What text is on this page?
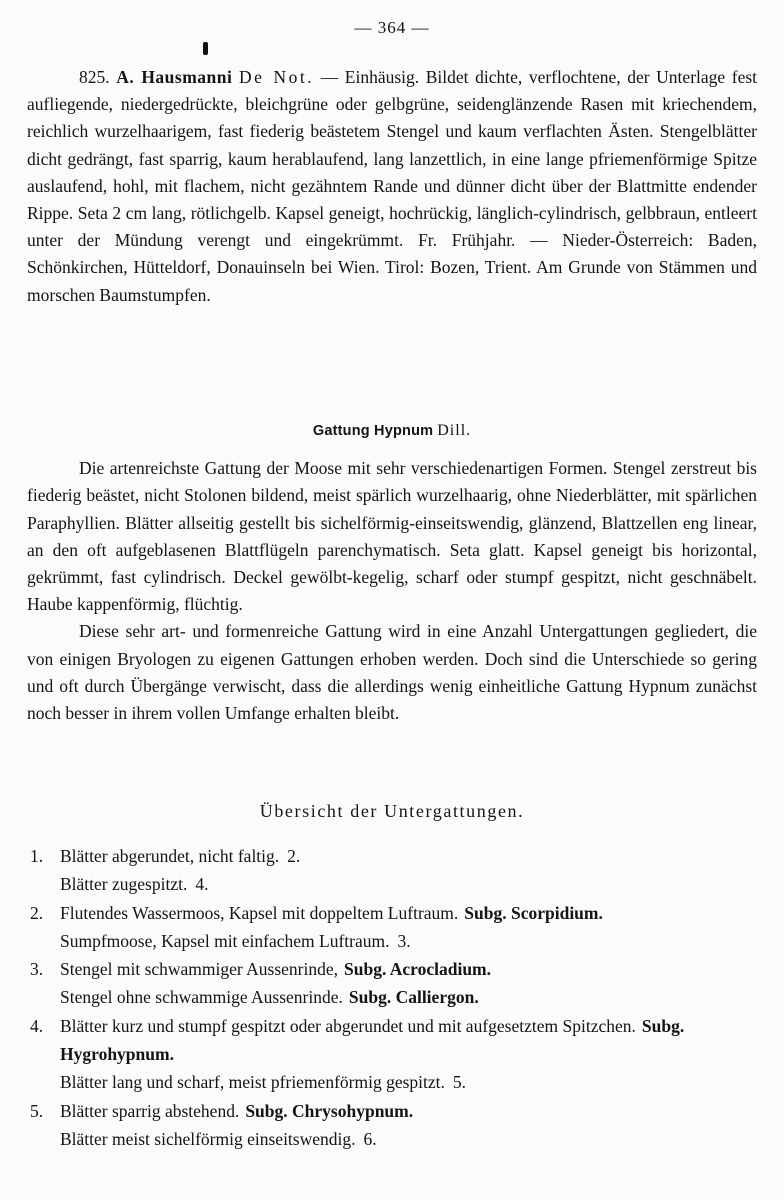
— 364 —

825. A. Hausmanni De Not. — Einhäusig. Bildet dichte, verflochtene, der Unterlage fest aufliegende, niedergedrückte, bleichgrüne oder gelbgrüne, seidenglänzende Rasen mit kriechendem, reichlich wurzelhaarigem, fast fiederig beästetem Stengel und kaum verflachten Ästen. Stengelblätter dicht gedrängt, fast sparrig, kaum herablaufend, lang lanzettlich, in eine lange pfriemenförmige Spitze auslaufend, hohl, mit flachem, nicht gezähntem Rande und dünner dicht über der Blattmitte endender Rippe. Seta 2 cm lang, rötlichgelb. Kapsel geneigt, hochrückig, länglich-cylindrisch, gelbbraun, entleert unter der Mündung verengt und eingekrümmt. Fr. Frühjahr. — Nieder-Österreich: Baden, Schönkirchen, Hütteldorf, Donauinseln bei Wien. Tirol: Bozen, Trient. Am Grunde von Stämmen und morschen Baumstumpfen.

Gattung Hypnum Dill.

Die artenreichste Gattung der Moose mit sehr verschiedenartigen Formen. Stengel zerstreut bis fiederig beästet, nicht Stolonen bildend, meist spärlich wurzelhaarig, ohne Niederblätter, mit spärlichen Paraphyllien. Blätter allseitig gestellt bis sichelförmig-einseitswendig, glänzend, Blattzellen eng linear, an den oft aufgeblasenen Blattflügeln parenchymatisch. Seta glatt. Kapsel geneigt bis horizontal, gekrümmt, fast cylindrisch. Deckel gewölbt-kegelig, scharf oder stumpf gespitzt, nicht geschnäbelt. Haube kappenförmig, flüchtig.

Diese sehr art- und formenreiche Gattung wird in eine Anzahl Untergattungen gegliedert, die von einigen Bryologen zu eigenen Gattungen erhoben werden. Doch sind die Unterschiede so gering und oft durch Übergänge verwischt, dass die allerdings wenig einheitliche Gattung Hypnum zunächst noch besser in ihrem vollen Umfange erhalten bleibt.

Übersicht der Untergattungen.
1. Blätter abgerundet, nicht faltig. 2.
Blätter zugespitzt. 4.
2. Flutendes Wassermoos, Kapsel mit doppeltem Luftraum. Subg. Scorpidium.
Sumpfmoose, Kapsel mit einfachem Luftraum. 3.
3. Stengel mit schwammiger Aussenrinde, Subg. Acrocladium.
Stengel ohne schwammige Aussenrinde. Subg. Calliergon.
4. Blätter kurz und stumpf gespitzt oder abgerundet und mit aufgesetztem Spitzchen. Subg. Hygrohypnum.
Blätter lang und scharf, meist pfriemenförmig gespitzt. 5.
5. Blätter sparrig abstehend. Subg. Chrysohypnum.
Blätter meist sichelförmig einseitswendig. 6.
